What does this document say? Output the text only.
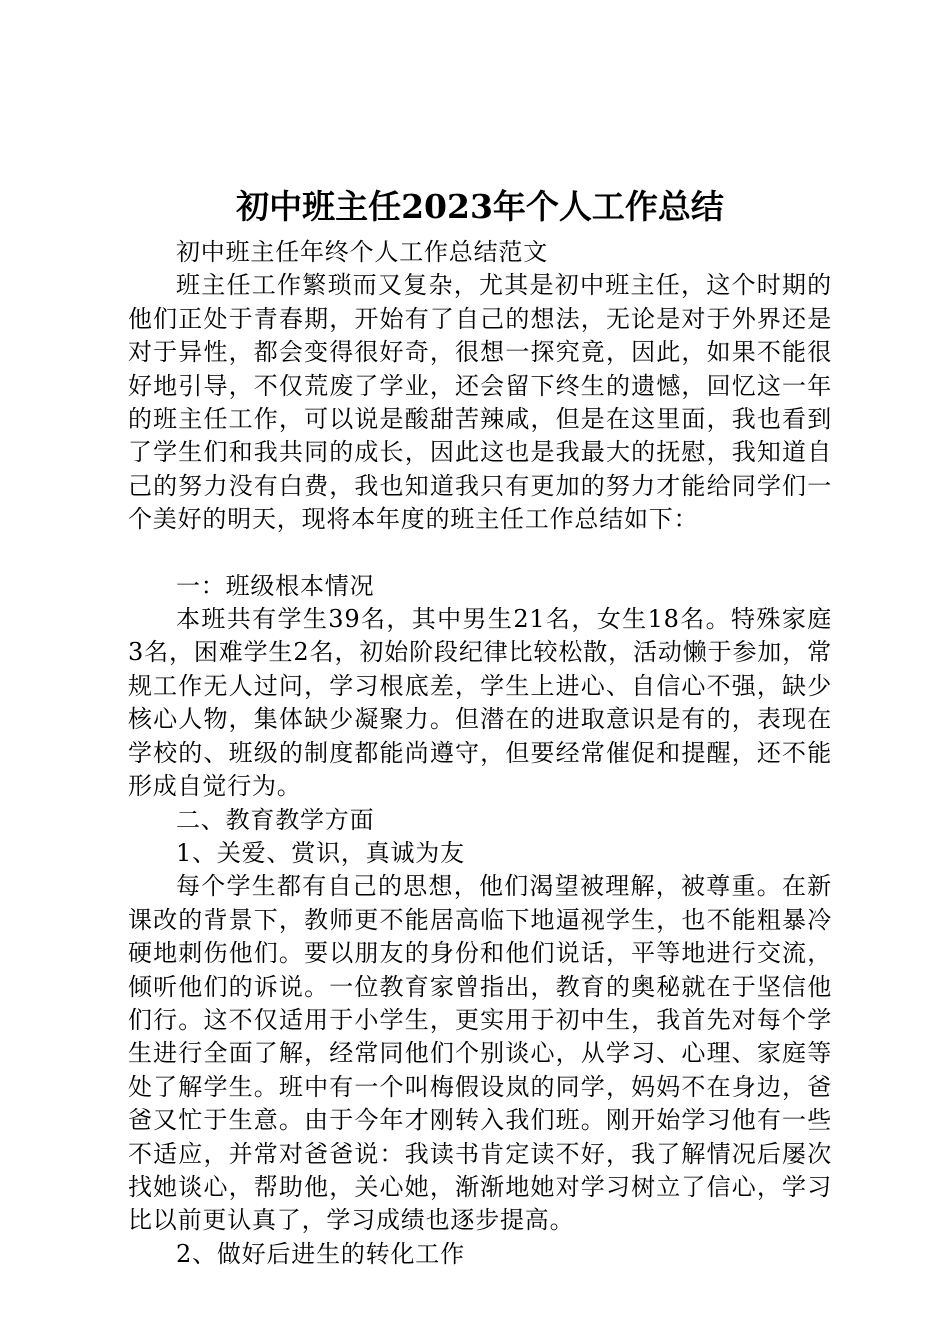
初中班主任2023年个人工作总结

初中班主任年终个人工作总结范文

班主任工作繁琐而又复杂，尤其是初中班主任，这个时期的他们正处于青春期，开始有了自己的想法，无论是对于外界还是对于异性，都会变得很好奇，很想一探究竟，因此，如果不能很好地引导，不仅荒废了学业，还会留下终生的遗憾，回忆这一年的班主任工作，可以说是酸甜苦辣咸，但是在这里面，我也看到了学生们和我共同的成长，因此这也是我最大的抚慰，我知道自己的努力没有白费，我也知道我只有更加的努力才能给同学们一个美好的明天，现将本年度的班主任工作总结如下：

一：班级根本情况

本班共有学生39名，其中男生21名，女生18名。特殊家庭3名，困难学生2名，初始阶段纪律比较松散，活动懒于参加，常规工作无人过问，学习根底差，学生上进心、自信心不强，缺少核心人物，集体缺少凝聚力。但潜在的进取意识是有的，表现在学校的、班级的制度都能尚遵守，但要经常催促和提醒，还不能形成自觉行为。

二、教育教学方面

1、关爱、赏识，真诚为友

每个学生都有自己的思想，他们渴望被理解，被尊重。在新课改的背景下，教师更不能居高临下地逼视学生，也不能粗暴冷硬地刺伤他们。要以朋友的身份和他们说话，平等地进行交流，倾听他们的诉说。一位教育家曾指出，教育的奥秘就在于坚信他们行。这不仅适用于小学生，更实用于初中生，我首先对每个学生进行全面了解，经常同他们个别谈心，从学习、心理、家庭等处了解学生。班中有一个叫梅假设岚的同学，妈妈不在身边，爸爸又忙于生意。由于今年才刚转入我们班。刚开始学习他有一些不适应，并常对爸爸说：我读书肯定读不好，我了解情况后屡次找她谈心，帮助他，关心她，渐渐地她对学习树立了信心，学习比以前更认真了，学习成绩也逐步提高。

2、做好后进生的转化工作
